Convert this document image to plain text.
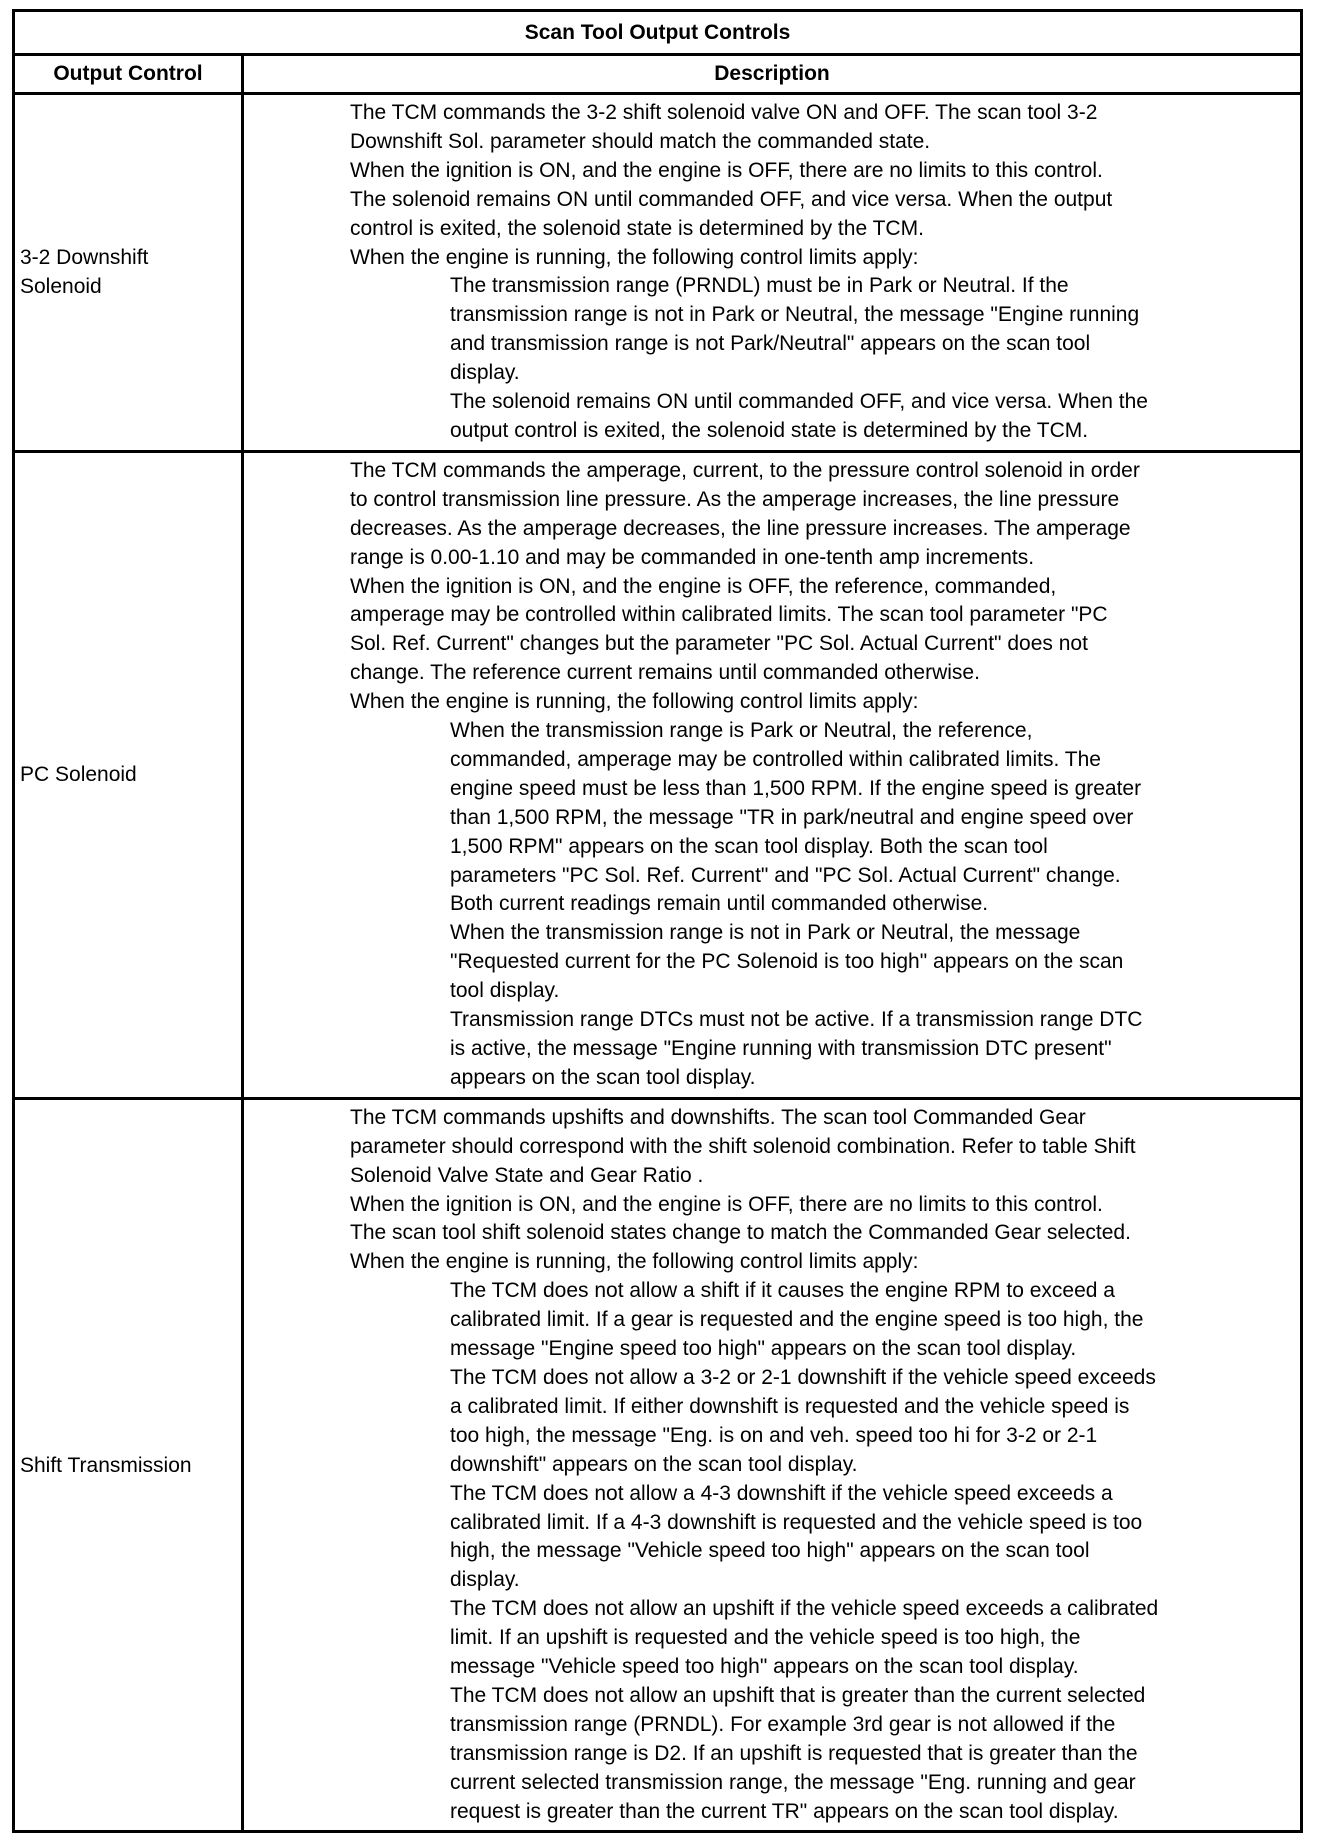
Scan Tool Output Controls
Output Control	Description
3-2 Downshift
Solenoid
The TCM commands the 3-2 shift solenoid valve ON and OFF. The scan tool 3-2
Downshift Sol. parameter should match the commanded state.
When the ignition is ON, and the engine is OFF, there are no limits to this control.
The solenoid remains ON until commanded OFF, and vice versa. When the output
control is exited, the solenoid state is determined by the TCM.
When the engine is running, the following control limits apply:
The transmission range (PRNDL) must be in Park or Neutral. If the
transmission range is not in Park or Neutral, the message "Engine running
and transmission range is not Park/Neutral" appears on the scan tool
display.
The solenoid remains ON until commanded OFF, and vice versa. When the
output control is exited, the solenoid state is determined by the TCM.
PC Solenoid
The TCM commands the amperage, current, to the pressure control solenoid in order
to control transmission line pressure. As the amperage increases, the line pressure
decreases. As the amperage decreases, the line pressure increases. The amperage
range is 0.00-1.10 and may be commanded in one-tenth amp increments.
When the ignition is ON, and the engine is OFF, the reference, commanded,
amperage may be controlled within calibrated limits. The scan tool parameter "PC
Sol. Ref. Current" changes but the parameter "PC Sol. Actual Current" does not
change. The reference current remains until commanded otherwise.
When the engine is running, the following control limits apply:
When the transmission range is Park or Neutral, the reference,
commanded, amperage may be controlled within calibrated limits. The
engine speed must be less than 1,500 RPM. If the engine speed is greater
than 1,500 RPM, the message "TR in park/neutral and engine speed over
1,500 RPM" appears on the scan tool display. Both the scan tool
parameters "PC Sol. Ref. Current" and "PC Sol. Actual Current" change.
Both current readings remain until commanded otherwise.
When the transmission range is not in Park or Neutral, the message
"Requested current for the PC Solenoid is too high" appears on the scan
tool display.
Transmission range DTCs must not be active. If a transmission range DTC
is active, the message "Engine running with transmission DTC present"
appears on the scan tool display.
Shift Transmission
The TCM commands upshifts and downshifts. The scan tool Commanded Gear
parameter should correspond with the shift solenoid combination. Refer to table Shift
Solenoid Valve State and Gear Ratio .
When the ignition is ON, and the engine is OFF, there are no limits to this control.
The scan tool shift solenoid states change to match the Commanded Gear selected.
When the engine is running, the following control limits apply:
The TCM does not allow a shift if it causes the engine RPM to exceed a
calibrated limit. If a gear is requested and the engine speed is too high, the
message "Engine speed too high" appears on the scan tool display.
The TCM does not allow a 3-2 or 2-1 downshift if the vehicle speed exceeds
a calibrated limit. If either downshift is requested and the vehicle speed is
too high, the message "Eng. is on and veh. speed too hi for 3-2 or 2-1
downshift" appears on the scan tool display.
The TCM does not allow a 4-3 downshift if the vehicle speed exceeds a
calibrated limit. If a 4-3 downshift is requested and the vehicle speed is too
high, the message "Vehicle speed too high" appears on the scan tool
display.
The TCM does not allow an upshift if the vehicle speed exceeds a calibrated
limit. If an upshift is requested and the vehicle speed is too high, the
message "Vehicle speed too high" appears on the scan tool display.
The TCM does not allow an upshift that is greater than the current selected
transmission range (PRNDL). For example 3rd gear is not allowed if the
transmission range is D2. If an upshift is requested that is greater than the
current selected transmission range, the message "Eng. running and gear
request is greater than the current TR" appears on the scan tool display.
